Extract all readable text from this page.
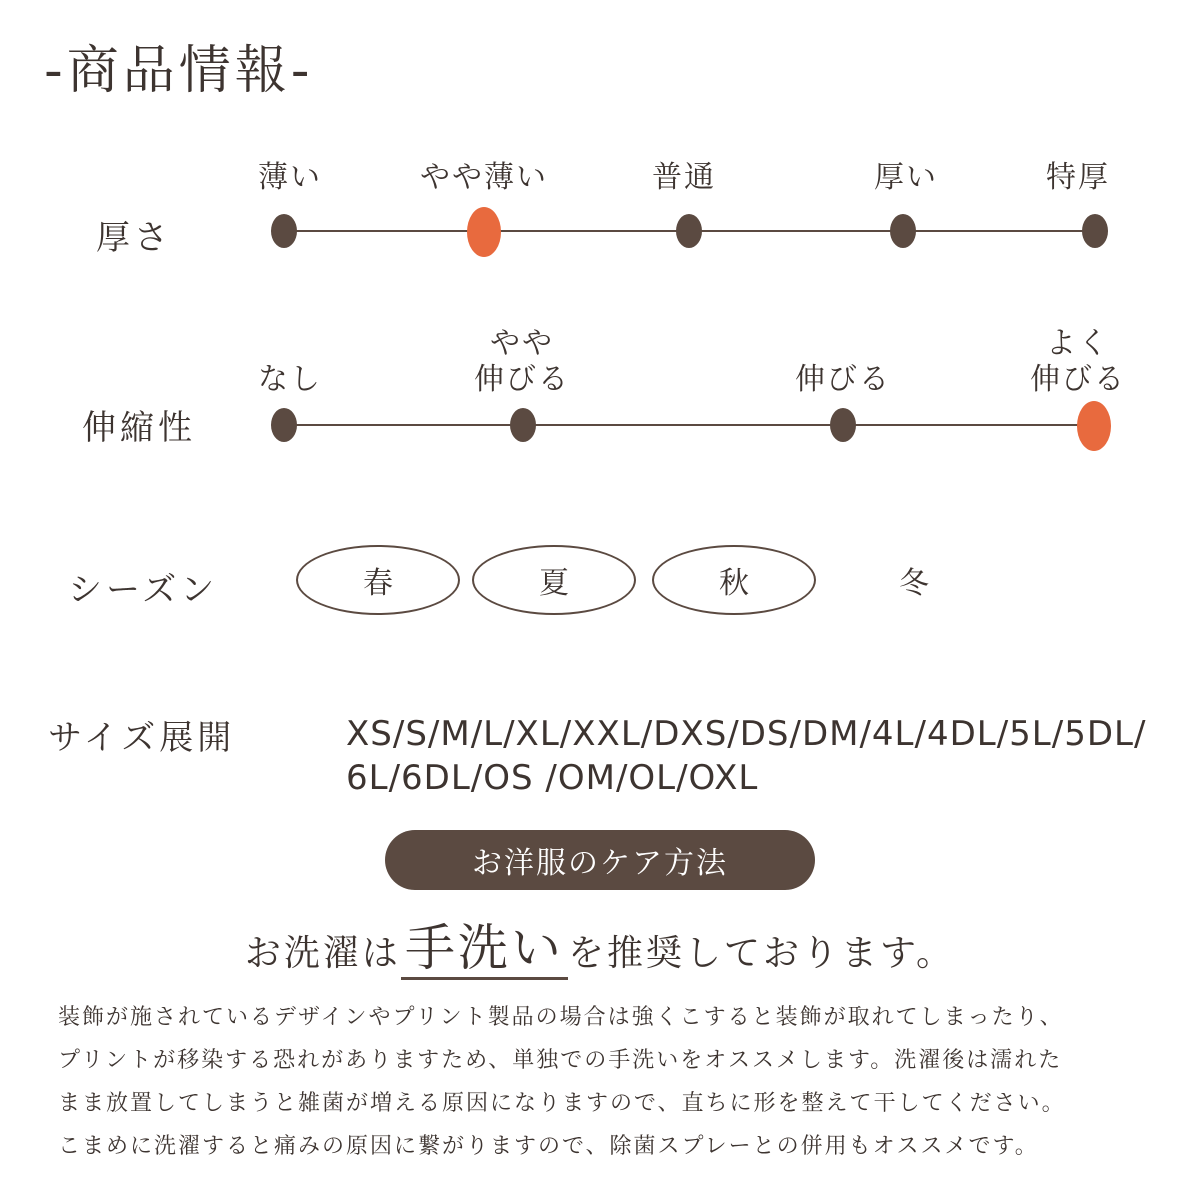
-商品情報-
厚さ
薄い	やや薄い	普通	厚い	特厚
伸縮性
なし
やや
伸びる	伸びる
よく
伸びる
シーズン	春	夏	秋	冬
サイズ展開	XS/S/M/L/XL/XXL/DXS/DS/DM/4L/4DL/5L/5DL/
6L/6DL/OS /OM/OL/OXL
お洋服のケア方法
お洗濯は手洗い を推奨しております。
装飾が施されているデザインやプリント製品の場合は強くこすると装飾が取れてしまったり、
プリントが移染する恐れがありますため、単独での手洗いをオススメします。洗濯後は濡れた
まま放置してしまうと雑菌が増える原因になりますので、直ちに形を整えて干してください。
こまめに洗濯すると痛みの原因に繋がりますので、除菌スプレーとの併用もオススメです。
